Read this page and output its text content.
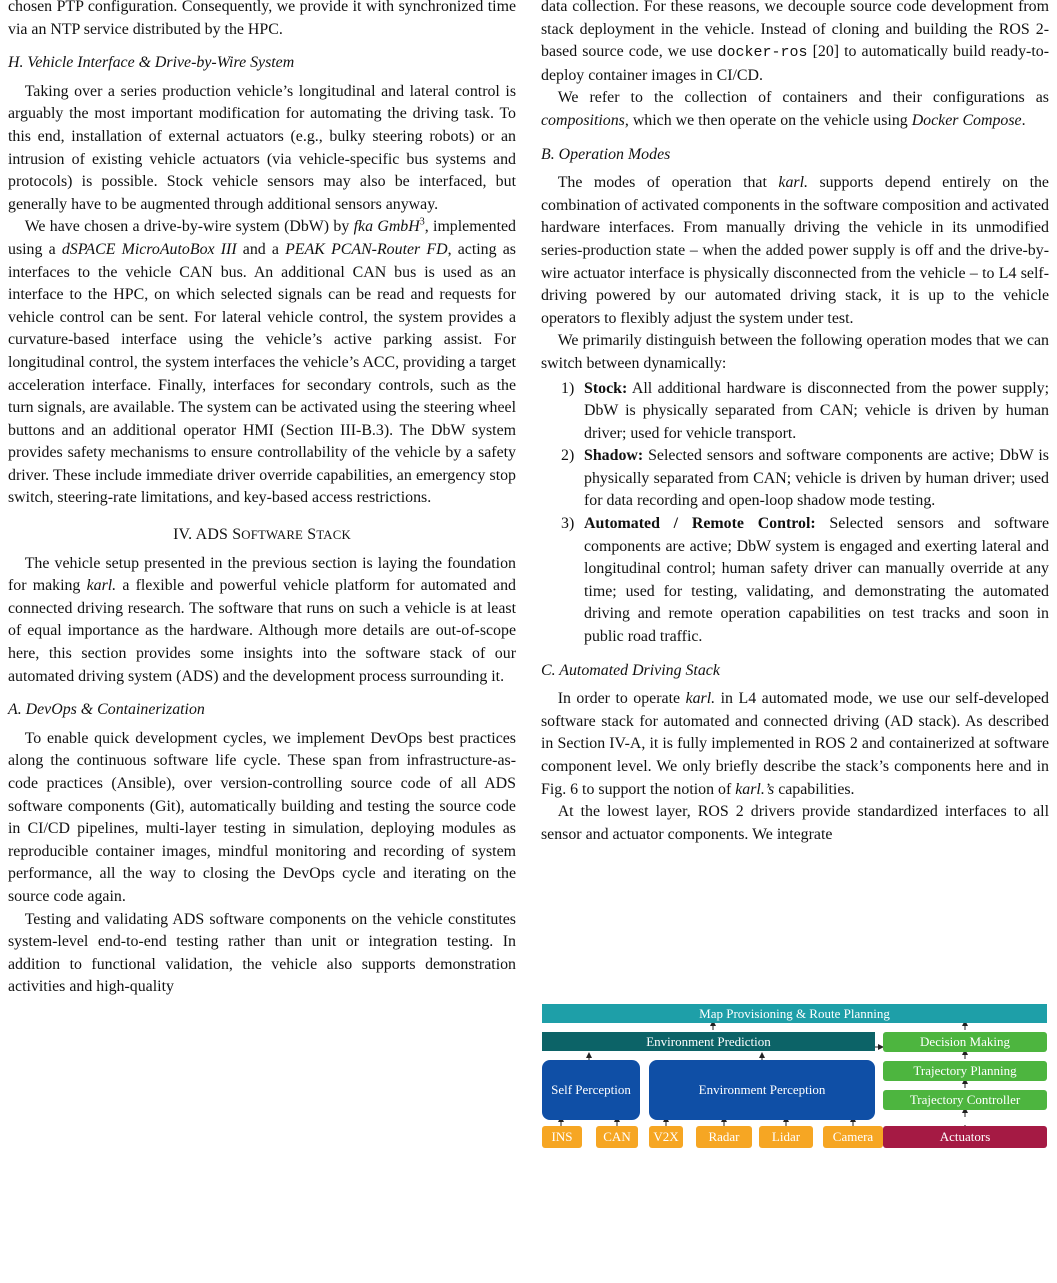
chosen PTP configuration. Consequently, we provide it with synchronized time via an NTP service distributed by the HPC.

H. Vehicle Interface & Drive-by-Wire System

Taking over a series production vehicle’s longitudinal and lateral control is arguably the most important modification for automating the driving task. To this end, installation of external actuators (e.g., bulky steering robots) or an intrusion of existing vehicle actuators (via vehicle-specific bus systems and protocols) is possible. Stock vehicle sensors may also be interfaced, but generally have to be augmented through additional sensors anyway.

We have chosen a drive-by-wire system (DbW) by fka GmbH$^3$, implemented using a dSPACE MicroAutoBox III and a PEAK PCAN-Router FD, acting as interfaces to the vehicle CAN bus. An additional CAN bus is used as an interface to the HPC, on which selected signals can be read and requests for vehicle control can be sent. For lateral vehicle control, the system provides a curvature-based interface using the vehicle’s active parking assist. For longitudinal control, the system interfaces the vehicle’s ACC, providing a target acceleration interface. Finally, interfaces for secondary controls, such as the turn signals, are available. The system can be activated using the steering wheel buttons and an additional operator HMI (Section III-B.3). The DbW system provides safety mechanisms to ensure controllability of the vehicle by a safety driver. These include immediate driver override capabilities, an emergency stop switch, steering-rate limitations, and key-based access restrictions.

IV. ADS SOFTWARE STACK

The vehicle setup presented in the previous section is laying the foundation for making karl. a flexible and powerful vehicle platform for automated and connected driving research. The software that runs on such a vehicle is at least of equal importance as the hardware. Although more details are out-of-scope here, this section provides some insights into the software stack of our automated driving system (ADS) and the development process surrounding it.

A. DevOps & Containerization

To enable quick development cycles, we implement DevOps best practices along the continuous software life cycle. These span from infrastructure-as-code practices (Ansible), over version-controlling source code of all ADS software components (Git), automatically building and testing the source code in CI/CD pipelines, multi-layer testing in simulation, deploying modules as reproducible container images, mindful monitoring and recording of system performance, all the way to closing the DevOps cycle and iterating on the source code again.

Testing and validating ADS software components on the vehicle constitutes system-level end-to-end testing rather than unit or integration testing. In addition to functional validation, the vehicle also supports demonstration activities and high-quality

data collection. For these reasons, we decouple source code development from stack deployment in the vehicle. Instead of cloning and building the ROS 2-based source code, we use docker-ros [20] to automatically build ready-to-deploy container images in CI/CD.

We refer to the collection of containers and their configurations as compositions, which we then operate on the vehicle using Docker Compose.

B. Operation Modes

The modes of operation that karl. supports depend entirely on the combination of activated components in the software composition and activated hardware interfaces. From manually driving the vehicle in its unmodified series-production state – when the added power supply is off and the drive-by-wire actuator interface is physically disconnected from the vehicle – to L4 self-driving powered by our automated driving stack, it is up to the vehicle operators to flexibly adjust the system under test.

We primarily distinguish between the following operation modes that we can switch between dynamically:

1) Stock: All additional hardware is disconnected from the power supply; DbW is physically separated from CAN; vehicle is driven by human driver; used for vehicle transport.
2) Shadow: Selected sensors and software components are active; DbW is physically separated from CAN; vehicle is driven by human driver; used for data recording and open-loop shadow mode testing.
3) Automated / Remote Control: Selected sensors and software components are active; DbW system is engaged and exerting lateral and longitudinal control; human safety driver can manually override at any time; used for testing, validating, and demonstrating the automated driving and remote operation capabilities on test tracks and soon in public road traffic.
C. Automated Driving Stack

In order to operate karl. in L4 automated mode, we use our self-developed software stack for automated and connected driving (AD stack). As described in Section IV-A, it is fully implemented in ROS 2 and containerized at software component level. We only briefly describe the stack’s components here and in Fig. 6 to support the notion of karl.’s capabilities.

At the lowest layer, ROS 2 drivers provide standardized interfaces to all sensor and actuator components. We integrate

Map Provisioning & Route Planning
Environment Prediction
Self Perception	Environment Perception
Decision Making
Trajectory Planning
Trajectory Controller
INS	CAN	V2X	Radar	Lidar	Camera	Actuators
